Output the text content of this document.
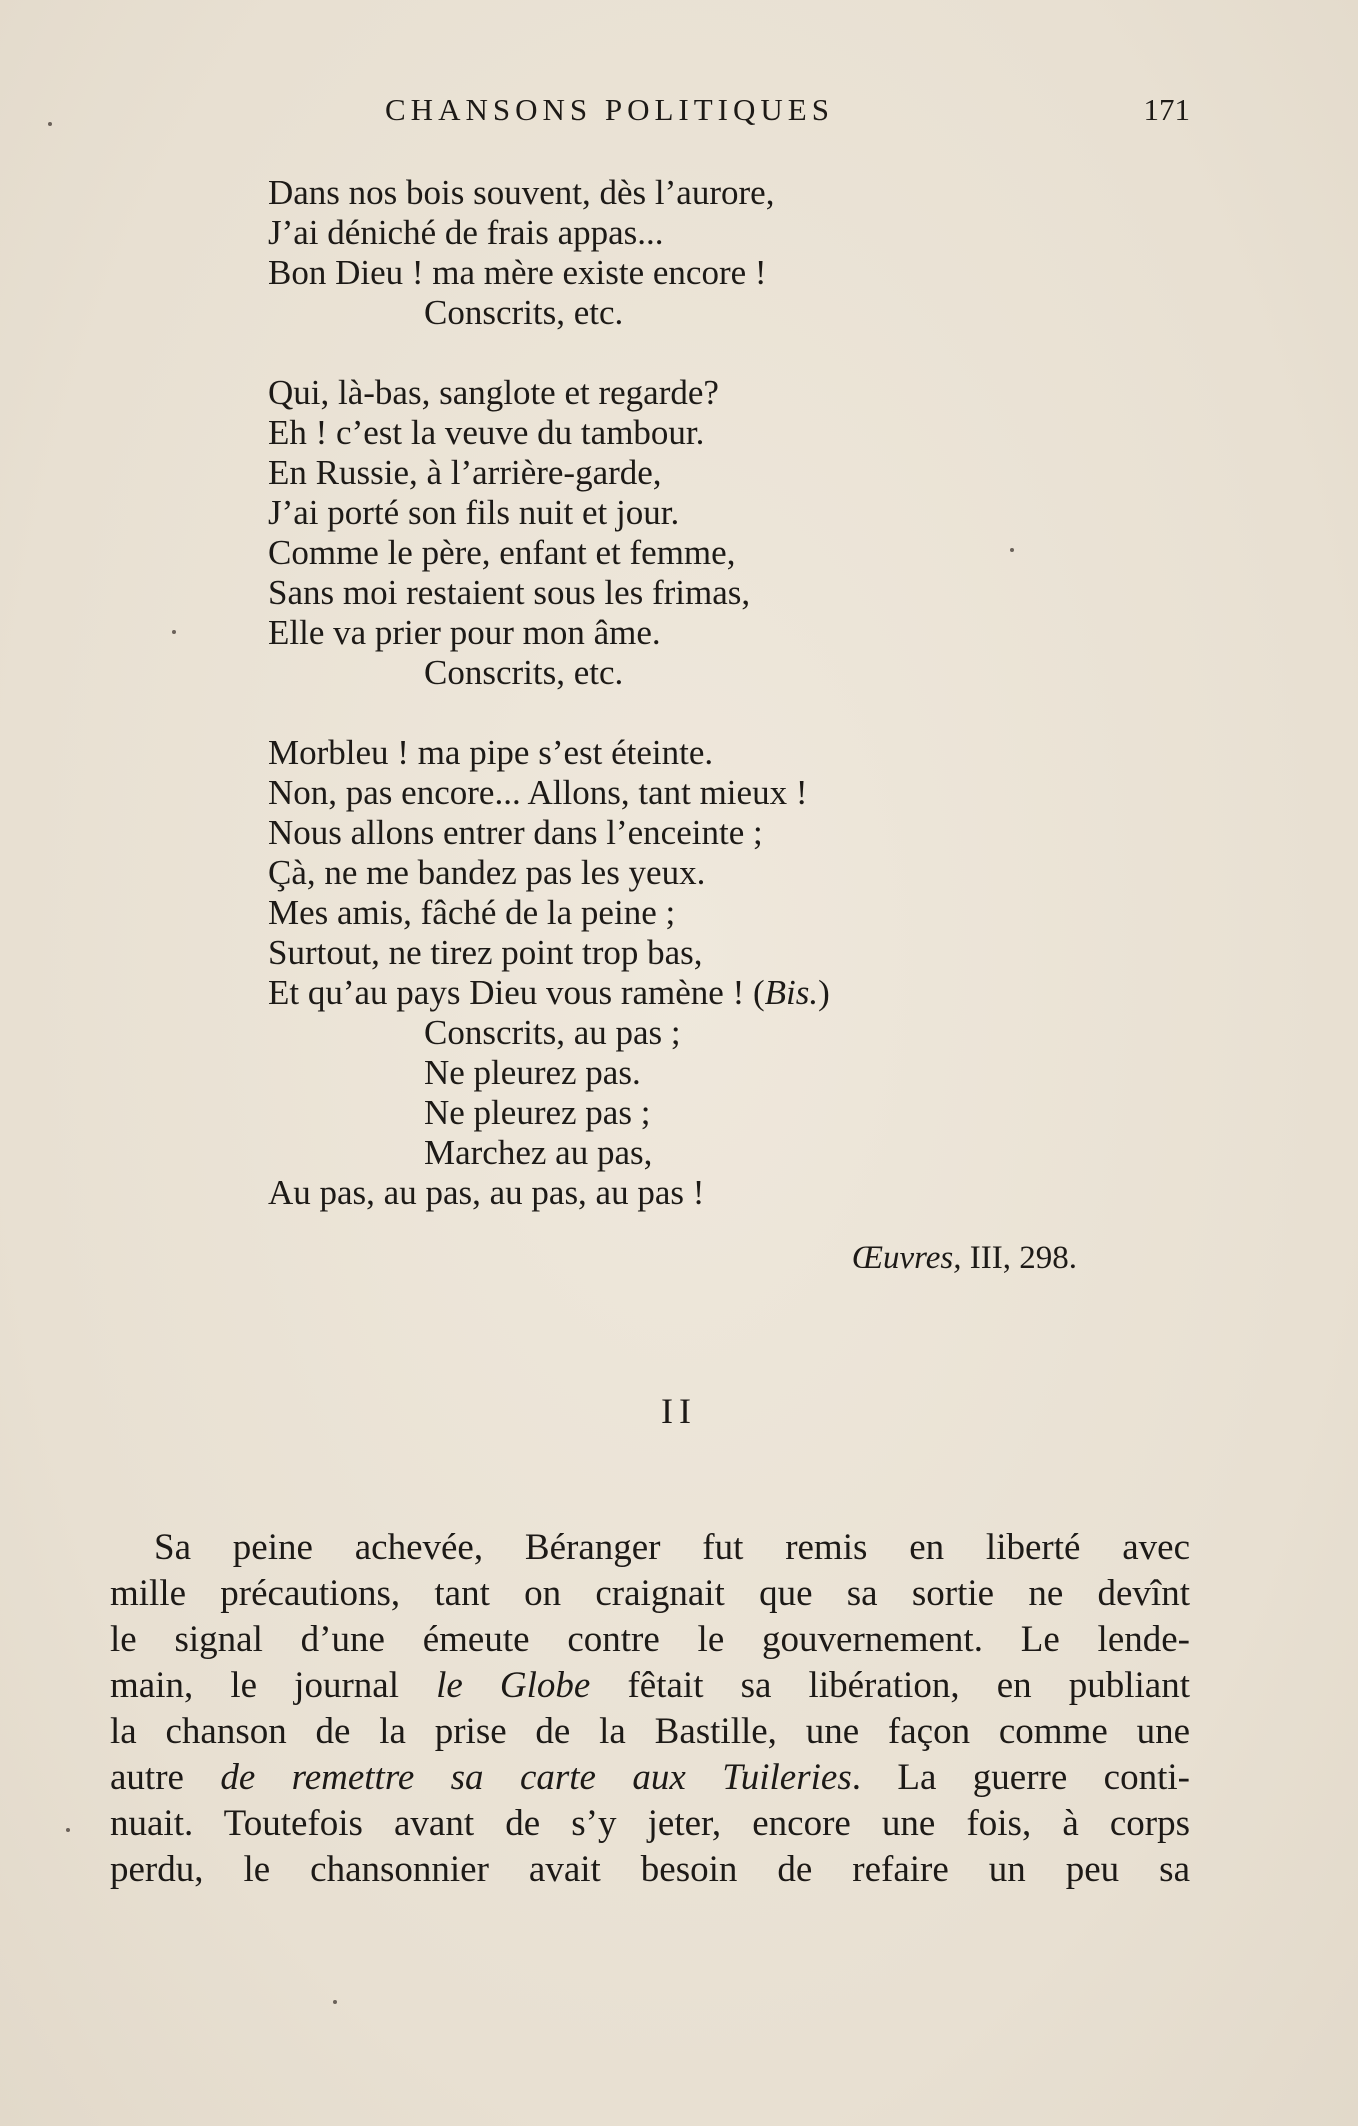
CHANSONS POLITIQUES	171
Dans nos bois souvent, dès l’aurore,
J’ai déniché de frais appas...
Bon Dieu ! ma mère existe encore !
Conscrits, etc.
Qui, là-bas, sanglote et regarde?
Eh ! c’est la veuve du tambour.
En Russie, à l’arrière-garde,
J’ai porté son fils nuit et jour.
Comme le père, enfant et femme,
Sans moi restaient sous les frimas,
Elle va prier pour mon âme.
Conscrits, etc.
Morbleu ! ma pipe s’est éteinte.
Non, pas encore... Allons, tant mieux !
Nous allons entrer dans l’enceinte ;
Çà, ne me bandez pas les yeux.
Mes amis, fâché de la peine ;
Surtout, ne tirez point trop bas,
Et qu’au pays Dieu vous ramène ! (Bis.)
Conscrits, au pas ;
Ne pleurez pas.
Ne pleurez pas ;
Marchez au pas,
Au pas, au pas, au pas, au pas !
Œuvres, III, 298.
II
Sa peine achevée, Béranger fut remis en liberté avec
mille précautions, tant on craignait que sa sortie ne devînt
le signal d’une émeute contre le gouvernement. Le lende-
main, le journal le Globe fêtait sa libération, en publiant
la chanson de la prise de la Bastille, une façon comme une
autre de remettre sa carte aux Tuileries. La guerre conti-
nuait. Toutefois avant de s’y jeter, encore une fois, à corps
perdu, le chansonnier avait besoin de refaire un peu sa
